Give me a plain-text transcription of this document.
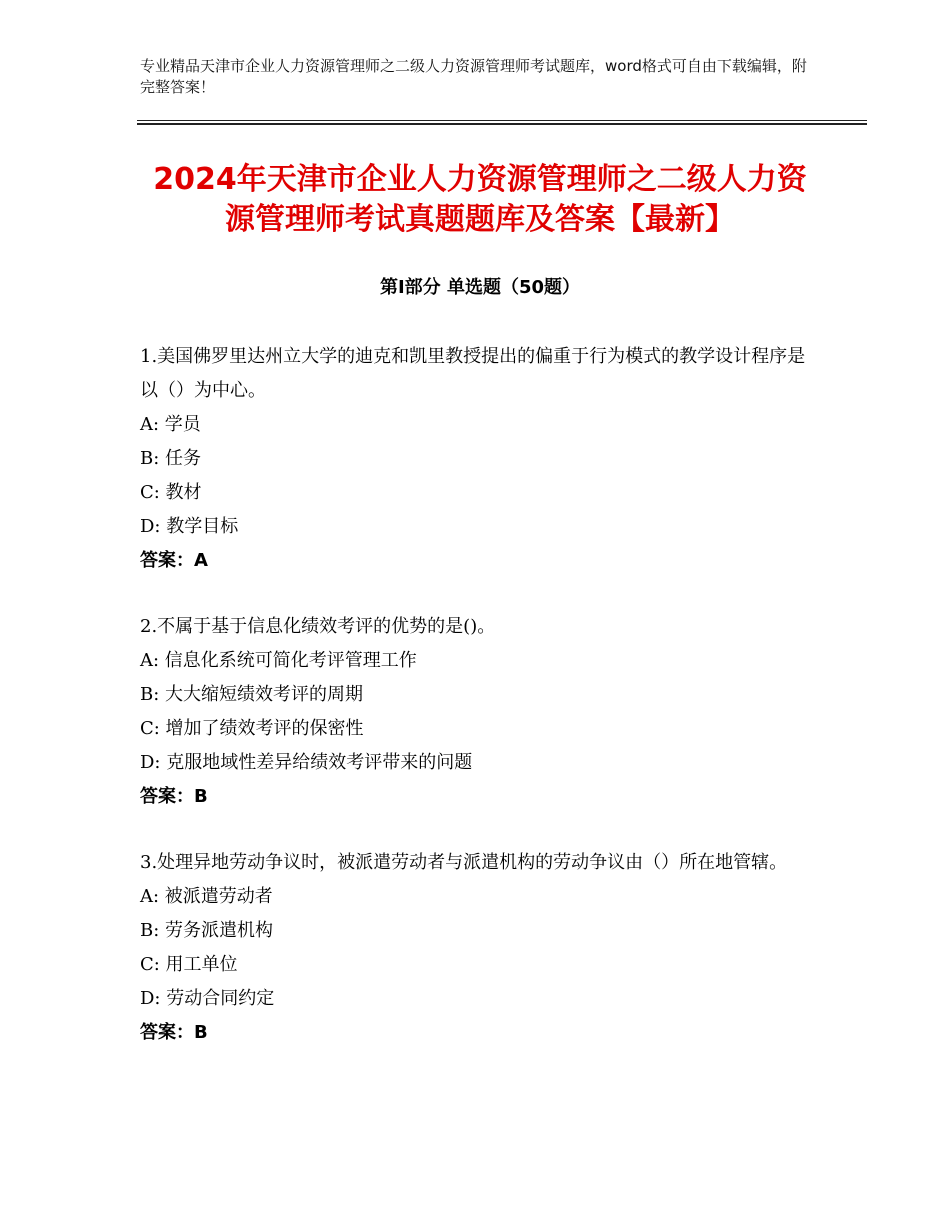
专业精品天津市企业人力资源管理师之二级人力资源管理师考试题库，word格式可自由下载编辑，附完整答案！
2024年天津市企业人力资源管理师之二级人力资源管理师考试真题题库及答案【最新】
第Ⅰ部分 单选题（50题）
1.美国佛罗里达州立大学的迪克和凯里教授提出的偏重于行为模式的教学设计程序是以（）为中心。
A: 学员
B: 任务
C: 教材
D: 教学目标
答案：A
2.不属于基于信息化绩效考评的优势的是()。
A: 信息化系统可简化考评管理工作
B: 大大缩短绩效考评的周期
C: 增加了绩效考评的保密性
D: 克服地域性差异给绩效考评带来的问题
答案：B
3.处理异地劳动争议时，被派遣劳动者与派遣机构的劳动争议由（）所在地管辖。
A: 被派遣劳动者
B: 劳务派遣机构
C: 用工单位
D: 劳动合同约定
答案：B
